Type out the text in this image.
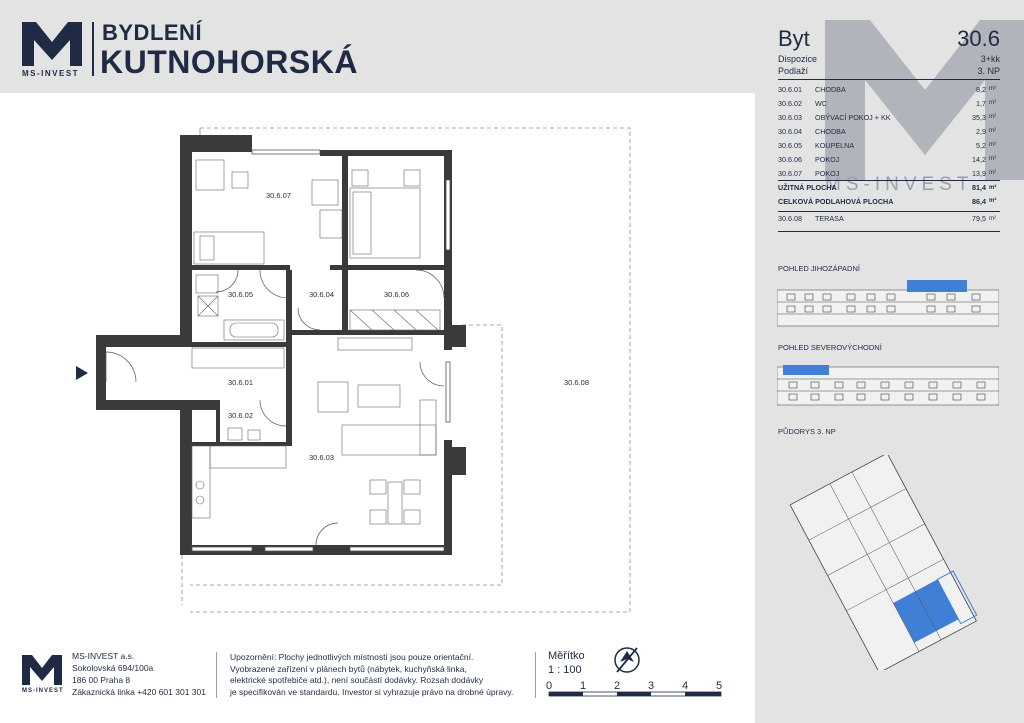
MS-INVEST
BYDLENÍ
KUTNOHORSKÁ
30.6.07
30.6.06
30.6.05	30.6.04
30.6.01
30.6.02
30.6.03
30.6.08
MS-INVEST
Byt	30.6
Dispozice	3+kk
Podlaží	3. NP
30.6.01	CHODBA	8,2 m²
30.6.02	WC	1,7 m²
30.6.03	OBÝVACÍ POKOJ + KK	35,3 m²
30.6.04	CHODBA	2,9 m²
30.6.05	KOUPELNA	5,2 m²
30.6.06	POKOJ	14,2 m²
30.6.07	POKOJ	13,9 m²
UŽITNÁ PLOCHA	81,4 m²
CELKOVÁ PODLAHOVÁ PLOCHA	86,4 m²
30.6.08	TERASA	79,5 m²
POHLED JIHOZÁPADNÍ
POHLED SEVEROVÝCHODNÍ
PŮDORYS 3. NP
MS-INVEST
MS-INVEST a.s.
Sokolovská 694/100a
186 00 Praha 8
Zákaznická linka +420 601 301 301
Upozornění: Plochy jednotlivých místností jsou pouze orientační.
Vyobrazené zařízení v plánech bytů (nábytek, kuchyňská linka,
elektrické spotřebiče atd.), není součástí dodávky. Rozsah dodávky
je specifikován ve standardu. Investor si vyhrazuje právo na drobné úpravy.
Měřítko
1 : 100
0	1	2	3	4	5
